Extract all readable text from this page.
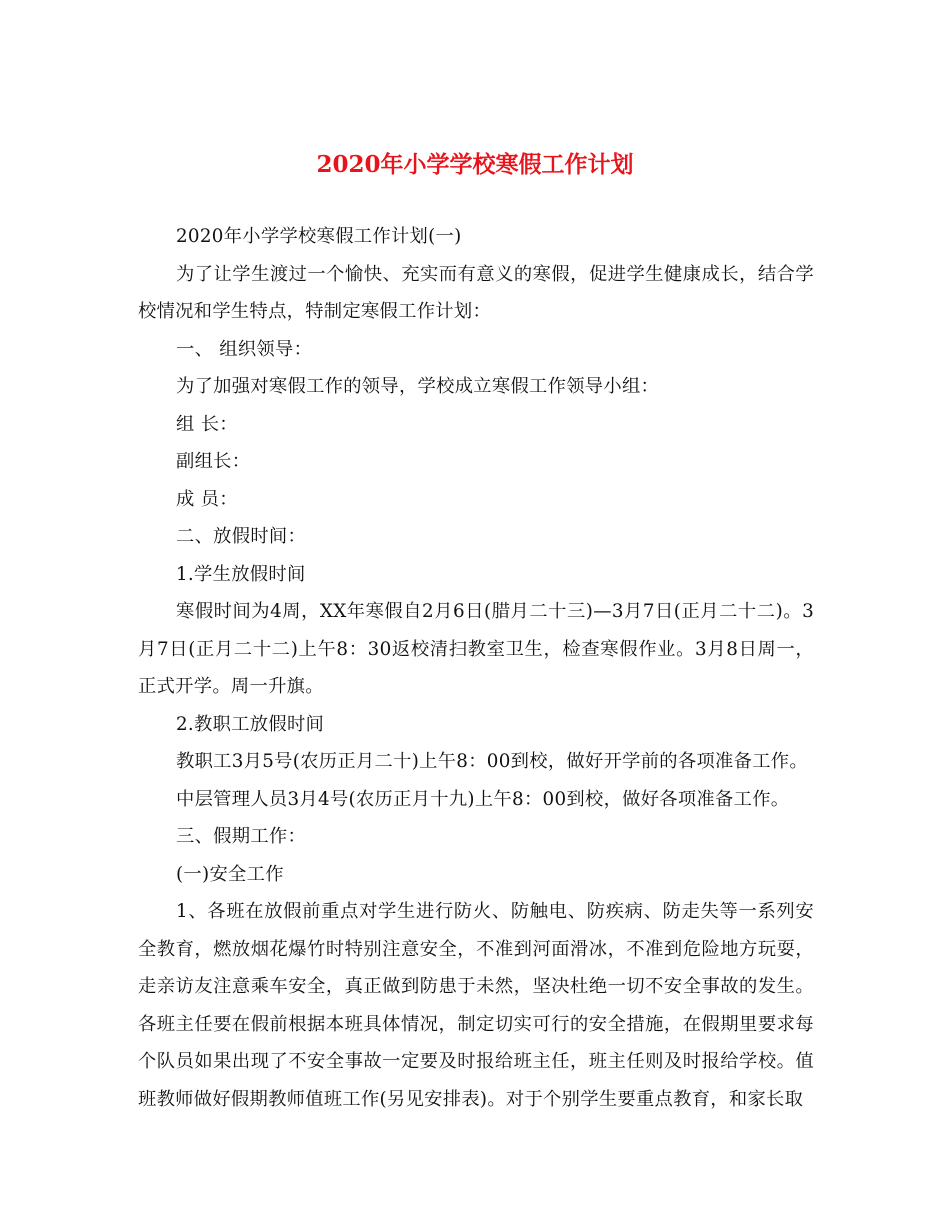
2020年小学学校寒假工作计划

2020年小学学校寒假工作计划(一)

为了让学生渡过一个愉快、充实而有意义的寒假，促进学生健康成长，结合学校情况和学生特点，特制定寒假工作计划：

一、 组织领导：

为了加强对寒假工作的领导，学校成立寒假工作领导小组：

组 长：

副组长：

成 员：

二、放假时间：

1.学生放假时间

寒假时间为4周，XX年寒假自2月6日(腊月二十三)—3月7日(正月二十二)。3月7日(正月二十二)上午8：30返校清扫教室卫生，检查寒假作业。3月8日周一，正式开学。周一升旗。

2.教职工放假时间

教职工3月5号(农历正月二十)上午8：00到校，做好开学前的各项准备工作。

中层管理人员3月4号(农历正月十九)上午8：00到校，做好各项准备工作。

三、假期工作：

(一)安全工作

1、各班在放假前重点对学生进行防火、防触电、防疾病、防走失等一系列安全教育，燃放烟花爆竹时特别注意安全，不准到河面滑冰，不准到危险地方玩耍，走亲访友注意乘车安全，真正做到防患于未然，坚决杜绝一切不安全事故的发生。各班主任要在假前根据本班具体情况，制定切实可行的安全措施，在假期里要求每个队员如果出现了不安全事故一定要及时报给班主任，班主任则及时报给学校。值班教师做好假期教师值班工作(另见安排表)。对于个别学生要重点教育，和家长取
